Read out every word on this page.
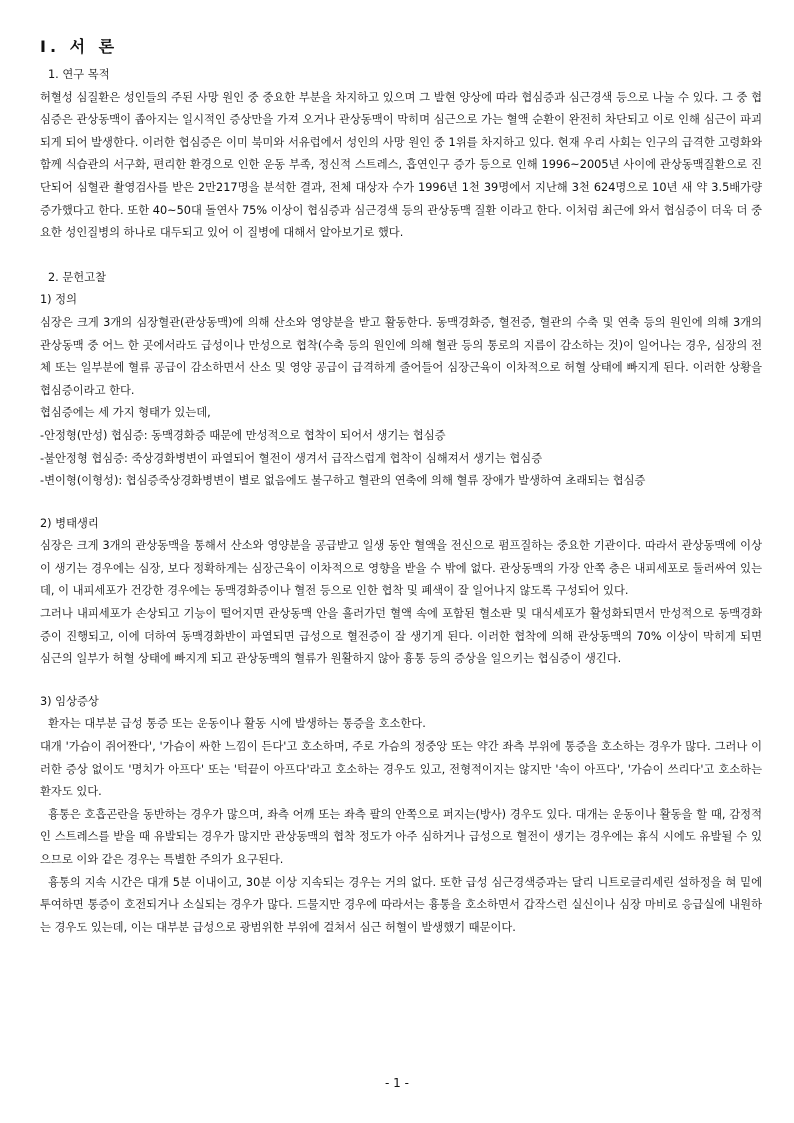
Ⅰ. 서 론
1. 연구 목적

허혈성 심질환은 성인들의 주된 사망 원인 중 중요한 부분을 차지하고 있으며 그 발현 양상에 따라 협심증과 심근경색 등으로 나눌 수 있다. 그 중 협심증은 관상동맥이 좁아지는 일시적인 증상만을 가져 오거나 관상동맥이 막히며 심근으로 가는 혈액 순환이 완전히 차단되고 이로 인해 심근이 파괴되게 되어 발생한다. 이러한 협심증은 이미 북미와 서유럽에서 성인의 사망 원인 중 1위를 차지하고 있다. 현재 우리 사회는 인구의 급격한 고령화와 함께 식습관의 서구화, 편리한 환경으로 인한 운동 부족, 정신적 스트레스, 흡연인구 증가 등으로 인해 1996~2005년 사이에 관상동맥질환으로 진단되어 심혈관 촬영검사를 받은 2만217명을 분석한 결과, 전체 대상자 수가 1996년 1천 39명에서 지난해 3천 624명으로 10년 새 약 3.5배가량 증가했다고 한다. 또한 40~50대 돌연사 75% 이상이 협심증과 심근경색 등의 관상동맥 질환 이라고 한다. 이처럼 최근에 와서 협심증이 더욱 더 중요한 성인질병의 하나로 대두되고 있어 이 질병에 대해서 알아보기로 했다.

2. 문헌고찰
1) 정의

심장은 크게 3개의 심장혈관(관상동맥)에 의해 산소와 영양분을 받고 활동한다. 동맥경화증, 혈전증, 혈관의 수축 및 연축 등의 원인에 의해 3개의 관상동맥 중 어느 한 곳에서라도 급성이나 만성으로 협착(수축 등의 원인에 의해 혈관 등의 통로의 지름이 감소하는 것)이 일어나는 경우, 심장의 전체 또는 일부분에 혈류 공급이 감소하면서 산소 및 영양 공급이 급격하게 줄어들어 심장근육이 이차적으로 허혈 상태에 빠지게 된다. 이러한 상황을 협심증이라고 한다.

협심증에는 세 가지 형태가 있는데,

-안정형(만성) 협심증: 동맥경화증 때문에 만성적으로 협착이 되어서 생기는 협심증

-불안정형 협심증: 죽상경화병변이 파열되어 혈전이 생겨서 급작스럽게 협착이 심해져서 생기는 협심증

-변이형(이형성): 협심증죽상경화병변이 별로 없음에도 불구하고 혈관의 연축에 의해 혈류 장애가 발생하여 초래되는 협심증

2) 병태생리

심장은 크게 3개의 관상동맥을 통해서 산소와 영양분을 공급받고 일생 동안 혈액을 전신으로 펌프질하는 중요한 기관이다. 따라서 관상동맥에 이상이 생기는 경우에는 심장, 보다 정확하게는 심장근육이 이차적으로 영향을 받을 수 밖에 없다. 관상동맥의 가장 안쪽 층은 내피세포로 둘러싸여 있는데, 이 내피세포가 건강한 경우에는 동맥경화증이나 혈전 등으로 인한 협착 및 폐색이 잘 일어나지 않도록 구성되어 있다.

그러나 내피세포가 손상되고 기능이 떨어지면 관상동맥 안을 흘러가던 혈액 속에 포함된 혈소판 및 대식세포가 활성화되면서 만성적으로 동맥경화증이 진행되고, 이에 더하여 동맥경화반이 파열되면 급성으로 혈전증이 잘 생기게 된다. 이러한 협착에 의해 관상동맥의 70% 이상이 막히게 되면 심근의 일부가 허혈 상태에 빠지게 되고 관상동맥의 혈류가 원활하지 않아 흉통 등의 증상을 일으키는 협심증이 생긴다.

3) 임상증상

환자는 대부분 급성 통증 또는 운동이나 활동 시에 발생하는 통증을 호소한다.

대개 '가슴이 쥐어짠다', '가슴이 싸한 느낌이 든다'고 호소하며, 주로 가슴의 정중앙 또는 약간 좌측 부위에 통증을 호소하는 경우가 많다. 그러나 이러한 증상 없이도 '명치가 아프다' 또는 '턱끝이 아프다'라고 호소하는 경우도 있고, 전형적이지는 않지만 '속이 아프다', '가슴이 쓰리다'고 호소하는 환자도 있다.

흉통은 호흡곤란을 동반하는 경우가 많으며, 좌측 어깨 또는 좌측 팔의 안쪽으로 퍼지는(방사) 경우도 있다. 대개는 운동이나 활동을 할 때, 감정적인 스트레스를 받을 때 유발되는 경우가 많지만 관상동맥의 협착 정도가 아주 심하거나 급성으로 혈전이 생기는 경우에는 휴식 시에도 유발될 수 있으므로 이와 같은 경우는 특별한 주의가 요구된다.

흉통의 지속 시간은 대개 5분 이내이고, 30분 이상 지속되는 경우는 거의 없다. 또한 급성 심근경색증과는 달리 니트로글리세린 설하정을 혀 밑에 투여하면 통증이 호전되거나 소실되는 경우가 많다. 드물지만 경우에 따라서는 흉통을 호소하면서 갑작스런 실신이나 심장 마비로 응급실에 내원하는 경우도 있는데, 이는 대부분 급성으로 광범위한 부위에 걸쳐서 심근 허혈이 발생했기 때문이다.

- 1 -
